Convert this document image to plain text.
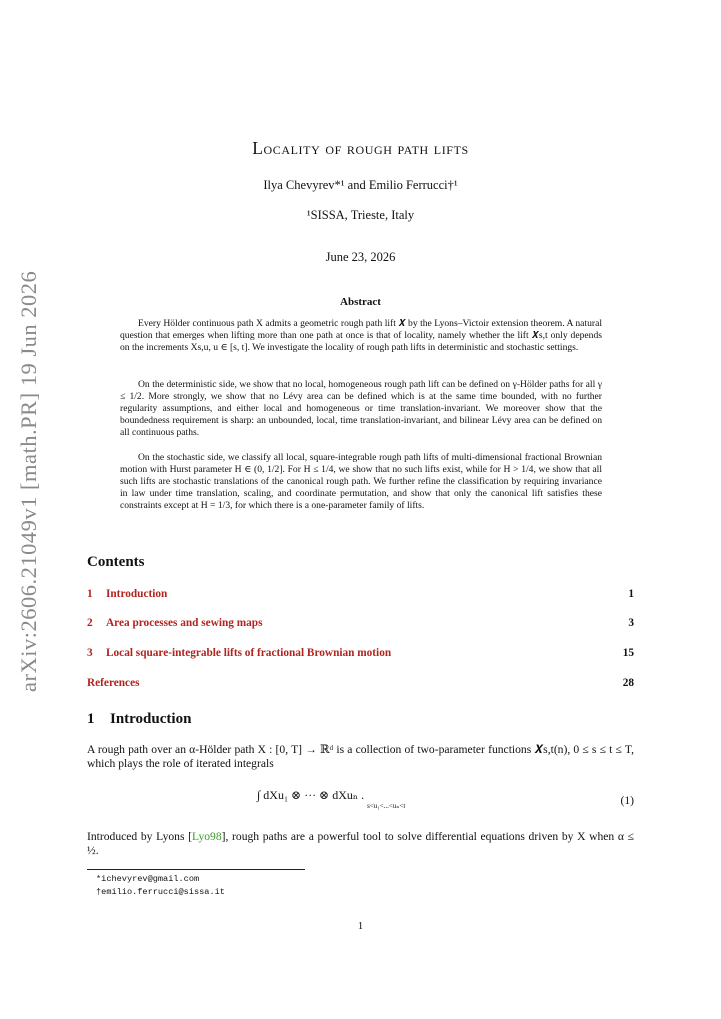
arXiv:2606.21049v1 [math.PR] 19 Jun 2026
Locality of rough path lifts
Ilya Chevyrev*¹ and Emilio Ferrucci†¹
¹SISSA, Trieste, Italy
June 23, 2026
Abstract

Every Hölder continuous path X admits a geometric rough path lift 𝑿 by the Lyons–Victoir extension theorem. A natural question that emerges when lifting more than one path at once is that of locality, namely whether the lift 𝑿s,t only depends on the increments Xs,u, u ∈ [s, t]. We investigate the locality of rough path lifts in deterministic and stochastic settings.

On the deterministic side, we show that no local, homogeneous rough path lift can be defined on γ-Hölder paths for all γ ≤ 1/2. More strongly, we show that no Lévy area can be defined which is at the same time bounded, with no further regularity assumptions, and either local and homogeneous or time translation-invariant. We moreover show that the boundedness requirement is sharp: an unbounded, local, time translation-invariant, and bilinear Lévy area can be defined on all continuous paths.

On the stochastic side, we classify all local, square-integrable rough path lifts of multi-dimensional fractional Brownian motion with Hurst parameter H ∈ (0, 1/2]. For H ≤ 1/4, we show that no such lifts exist, while for H > 1/4, we show that all such lifts are stochastic translations of the canonical rough path. We further refine the classification by requiring invariance in law under time translation, scaling, and coordinate permutation, and show that only the canonical lift satisfies these constraints except at H = 1/3, for which there is a one-parameter family of lifts.

Contents
1 Introduction	1
2 Area processes and sewing maps	3
3 Local square-integrable lifts of fractional Brownian motion	15
References	28
1 Introduction
A rough path over an α-Hölder path X : [0, T] → ℝᵈ is a collection of two-parameter functions 𝑿s,t(n), 0 ≤ s ≤ t ≤ T, which plays the role of iterated integrals
∫ dXu₁ ⊗ ··· ⊗ dXuₙ . $_{s<u_1<...<u_n<t}$	(1)
Introduced by Lyons [Lyo98], rough paths are a powerful tool to solve differential equations driven by X when α ≤ ½.
*ichevyrev@gmail.com
†emilio.ferrucci@sissa.it
1
